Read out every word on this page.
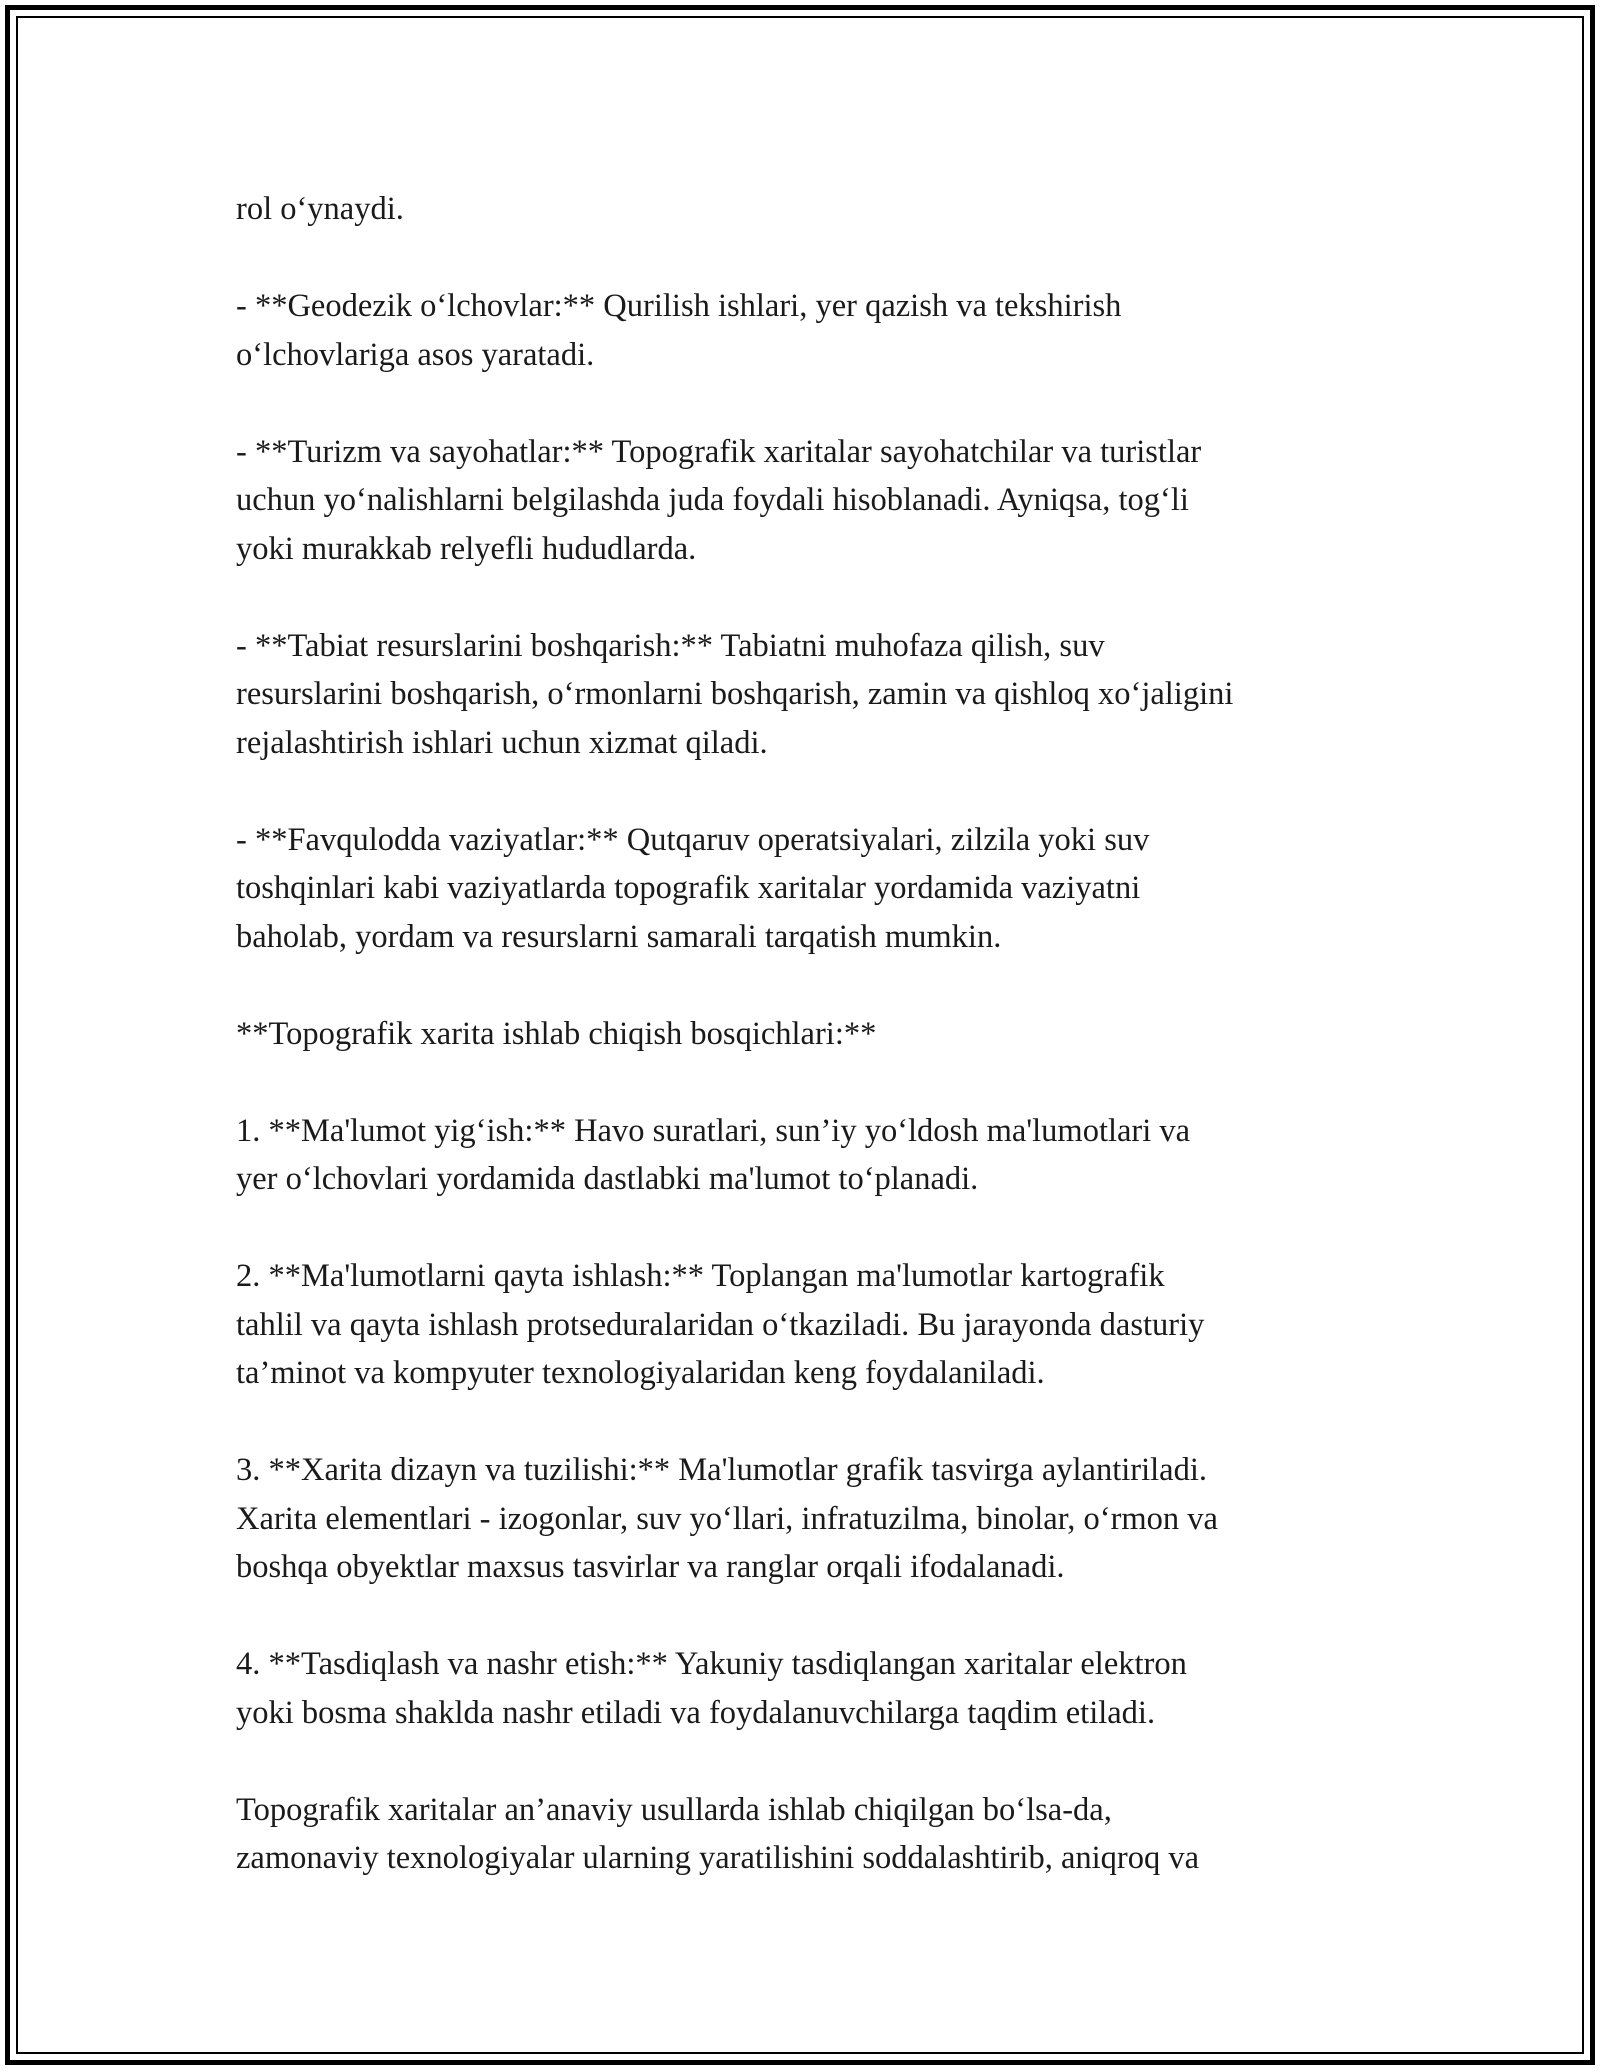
rol o‘ynaydi.

- **Geodezik o‘lchovlar:** Qurilish ishlari, yer qazish va tekshirish
o‘lchovlariga asos yaratadi.

- **Turizm va sayohatlar:** Topografik xaritalar sayohatchilar va turistlar
uchun yo‘nalishlarni belgilashda juda foydali hisoblanadi. Ayniqsa, tog‘li
yoki murakkab relyefli hududlarda.

- **Tabiat resurslarini boshqarish:** Tabiatni muhofaza qilish, suv
resurslarini boshqarish, o‘rmonlarni boshqarish, zamin va qishloq xo‘jaligini
rejalashtirish ishlari uchun xizmat qiladi.

- **Favqulodda vaziyatlar:** Qutqaruv operatsiyalari, zilzila yoki suv
toshqinlari kabi vaziyatlarda topografik xaritalar yordamida vaziyatni
baholab, yordam va resurslarni samarali tarqatish mumkin.

**Topografik xarita ishlab chiqish bosqichlari:**

1. **Ma'lumot yig‘ish:** Havo suratlari, sun’iy yo‘ldosh ma'lumotlari va
yer o‘lchovlari yordamida dastlabki ma'lumot to‘planadi.

2. **Ma'lumotlarni qayta ishlash:** Toplangan ma'lumotlar kartografik
tahlil va qayta ishlash protseduralaridan o‘tkaziladi. Bu jarayonda dasturiy
ta’minot va kompyuter texnologiyalaridan keng foydalaniladi.

3. **Xarita dizayn va tuzilishi:** Ma'lumotlar grafik tasvirga aylantiriladi.
Xarita elementlari - izogonlar, suv yo‘llari, infratuzilma, binolar, o‘rmon va
boshqa obyektlar maxsus tasvirlar va ranglar orqali ifodalanadi.

4. **Tasdiqlash va nashr etish:** Yakuniy tasdiqlangan xaritalar elektron
yoki bosma shaklda nashr etiladi va foydalanuvchilarga taqdim etiladi.

Topografik xaritalar an’anaviy usullarda ishlab chiqilgan bo‘lsa-da,
zamonaviy texnologiyalar ularning yaratilishini soddalashtirib, aniqroq va
